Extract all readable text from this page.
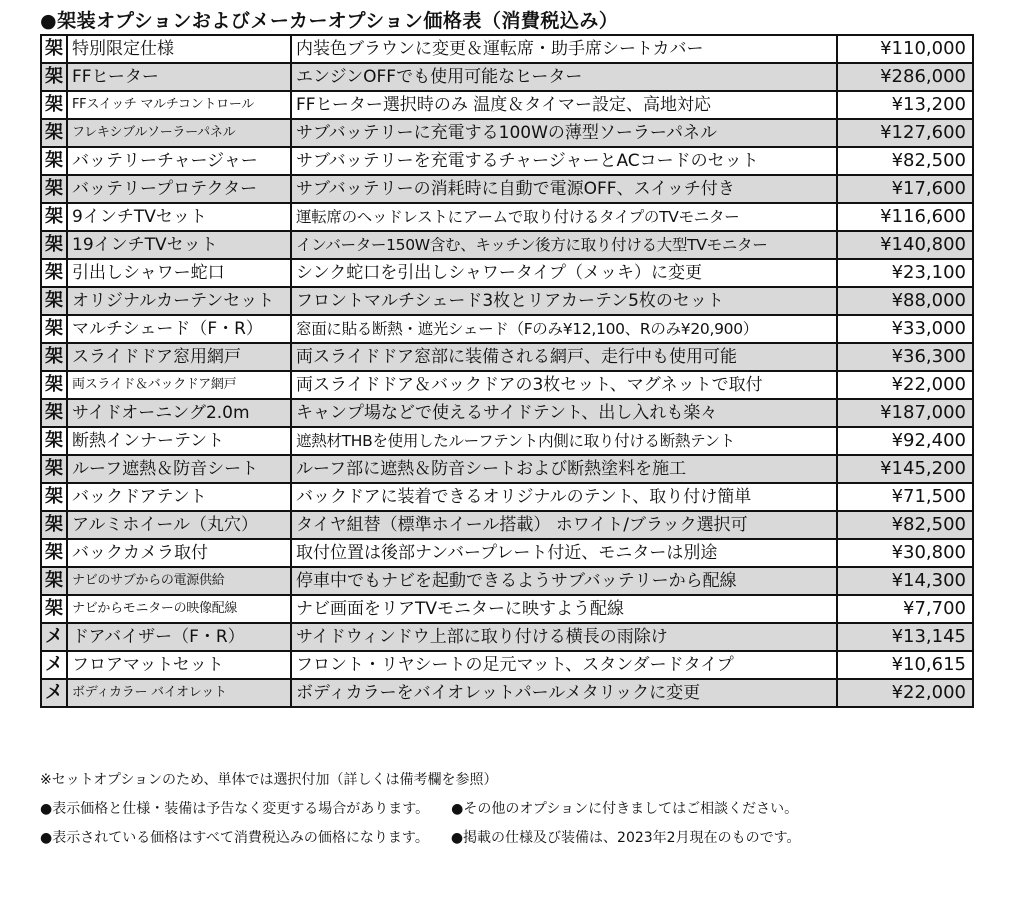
●架装オプションおよびメーカーオプション価格表（消費税込み）
架	特別限定仕様	内装色ブラウンに変更＆運転席・助手席シートカバー	¥110,000
架	FFヒーター	エンジンOFFでも使用可能なヒーター	¥286,000
架	FFスイッチ マルチコントロール	FFヒーター選択時のみ 温度＆タイマー設定、高地対応	¥13,200
架	フレキシブルソーラーパネル	サブバッテリーに充電する100Wの薄型ソーラーパネル	¥127,600
架	バッテリーチャージャー	サブバッテリーを充電するチャージャーとACコードのセット	¥82,500
架	バッテリープロテクター	サブバッテリーの消耗時に自動で電源OFF、スイッチ付き	¥17,600
架	9インチTVセット	運転席のヘッドレストにアームで取り付けるタイプのTVモニター	¥116,600
架	19インチTVセット	インバーター150W含む、キッチン後方に取り付ける大型TVモニター	¥140,800
架	引出しシャワー蛇口	シンク蛇口を引出しシャワータイプ（メッキ）に変更	¥23,100
架	オリジナルカーテンセット	フロントマルチシェード3枚とリアカーテン5枚のセット	¥88,000
架	マルチシェード（F・R）	窓面に貼る断熱・遮光シェード（Fのみ¥12,100、Rのみ¥20,900）	¥33,000
架	スライドドア窓用網戸	両スライドドア窓部に装備される網戸、走行中も使用可能	¥36,300
架	両スライド＆バックドア網戸	両スライドドア＆バックドアの3枚セット、マグネットで取付	¥22,000
架	サイドオーニング2.0m	キャンプ場などで使えるサイドテント、出し入れも楽々	¥187,000
架	断熱インナーテント	遮熱材THBを使用したルーフテント内側に取り付ける断熱テント	¥92,400
架	ルーフ遮熱＆防音シート	ルーフ部に遮熱＆防音シートおよび断熱塗料を施工	¥145,200
架	バックドアテント	バックドアに装着できるオリジナルのテント、取り付け簡単	¥71,500
架	アルミホイール（丸穴）	タイヤ組替（標準ホイール搭載） ホワイト/ブラック選択可	¥82,500
架	バックカメラ取付	取付位置は後部ナンバープレート付近、モニターは別途	¥30,800
架	ナビのサブからの電源供給	停車中でもナビを起動できるようサブバッテリーから配線	¥14,300
架	ナビからモニターの映像配線	ナビ画面をリアTVモニターに映すよう配線	¥7,700
メ	ドアバイザー（F・R）	サイドウィンドウ上部に取り付ける横長の雨除け	¥13,145
メ	フロアマットセット	フロント・リヤシートの足元マット、スタンダードタイプ	¥10,615
メ	ボディカラー バイオレット	ボディカラーをバイオレットパールメタリックに変更	¥22,000
※セットオプションのため、単体では選択付加（詳しくは備考欄を参照）
●表示価格と仕様・装備は予告なく変更する場合があります。 ●その他のオプションに付きましてはご相談ください。
●表示されている価格はすべて消費税込みの価格になります。 ●掲載の仕様及び装備は、2023年2月現在のものです。
